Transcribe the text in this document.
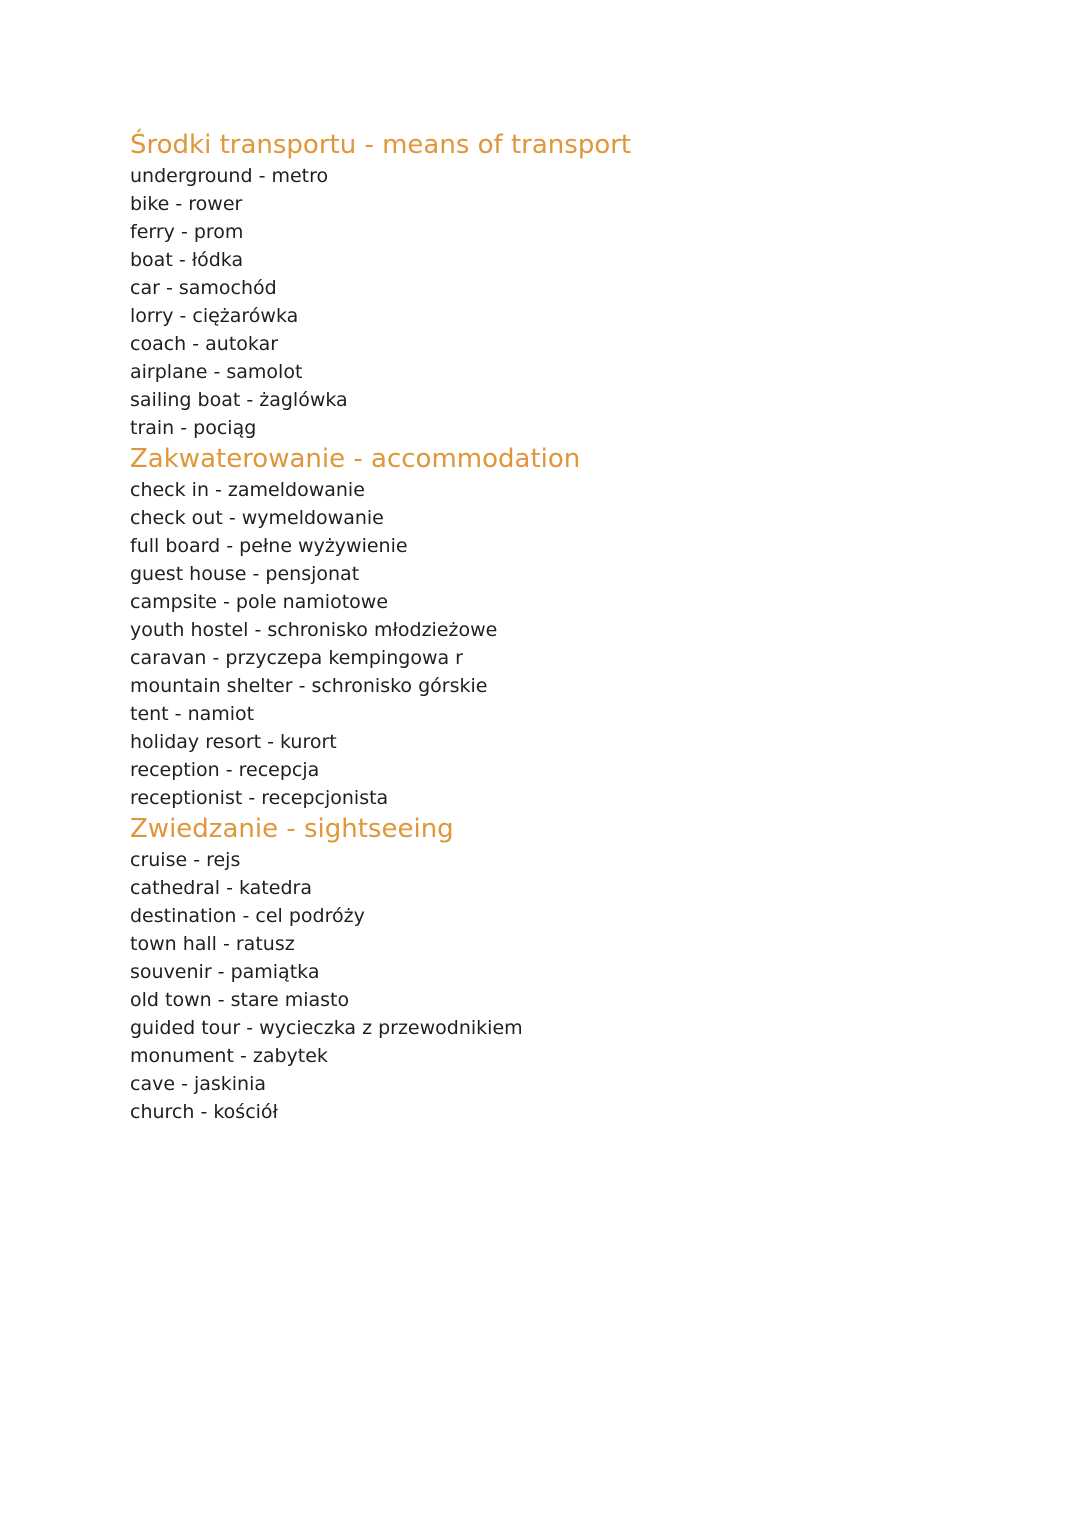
Środki transportu - means of transport
underground - metro
bike - rower
ferry - prom
boat - łódka
car - samochód
lorry - ciężarówka
coach - autokar
airplane - samolot
sailing boat - żaglówka
train - pociąg
Zakwaterowanie - accommodation
check in - zameldowanie
check out - wymeldowanie
full board - pełne wyżywienie
guest house - pensjonat
campsite - pole namiotowe
youth hostel - schronisko młodzieżowe
caravan - przyczepa kempingowa r
mountain shelter - schronisko górskie
tent - namiot
holiday resort - kurort
reception - recepcja
receptionist - recepcjonista
Zwiedzanie - sightseeing
cruise - rejs
cathedral - katedra
destination - cel podróży
town hall - ratusz
souvenir - pamiątka
old town - stare miasto
guided tour - wycieczka z przewodnikiem
monument - zabytek
cave - jaskinia
church - kościół
